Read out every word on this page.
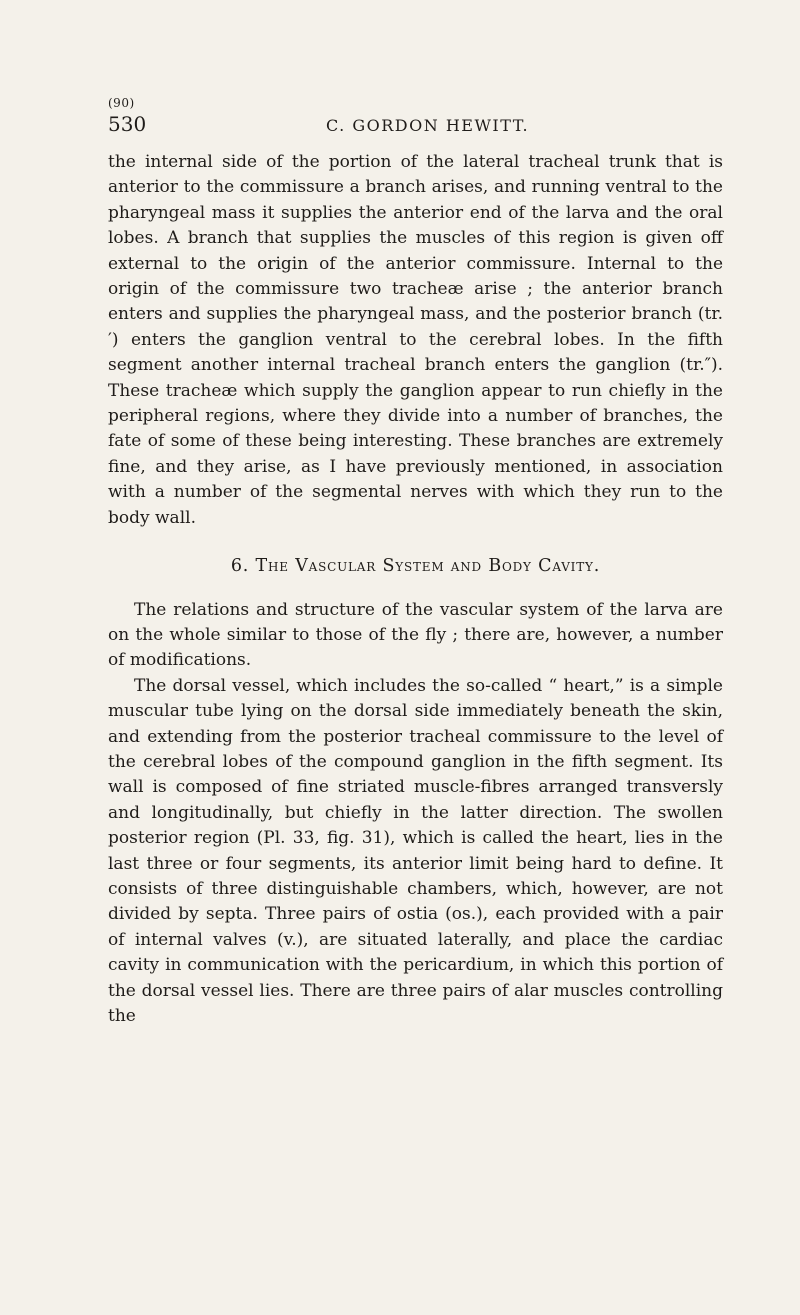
(90)
530	C. GORDON HEWITT.

the internal side of the portion of the lateral tracheal trunk that is anterior to the commissure a branch arises, and running ventral to the pharyngeal mass it supplies the anterior end of the larva and the oral lobes. A branch that supplies the muscles of this region is given off external to the origin of the anterior commissure. Internal to the origin of the commissure two tracheæ arise ; the anterior branch enters and supplies the pharyngeal mass, and the posterior branch (tr.′) enters the ganglion ventral to the cerebral lobes. In the fifth segment another internal tracheal branch enters the ganglion (tr.″). These tracheæ which supply the ganglion appear to run chiefly in the peripheral regions, where they divide into a number of branches, the fate of some of these being interesting. These branches are extremely fine, and they arise, as I have previously mentioned, in association with a number of the segmental nerves with which they run to the body wall.

6. The Vascular System and Body Cavity.

The relations and structure of the vascular system of the larva are on the whole similar to those of the fly ; there are, however, a number of modifications.

The dorsal vessel, which includes the so-called “ heart,” is a simple muscular tube lying on the dorsal side immediately beneath the skin, and extending from the posterior tracheal commissure to the level of the cerebral lobes of the compound ganglion in the fifth segment. Its wall is composed of fine striated muscle-fibres arranged transversly and longitudinally, but chiefly in the latter direction. The swollen posterior region (Pl. 33, fig. 31), which is called the heart, lies in the last three or four segments, its anterior limit being hard to define. It consists of three distinguishable chambers, which, however, are not divided by septa. Three pairs of ostia (os.), each provided with a pair of internal valves (v.), are situated laterally, and place the cardiac cavity in communication with the pericardium, in which this portion of the dorsal vessel lies. There are three pairs of alar muscles controlling the
